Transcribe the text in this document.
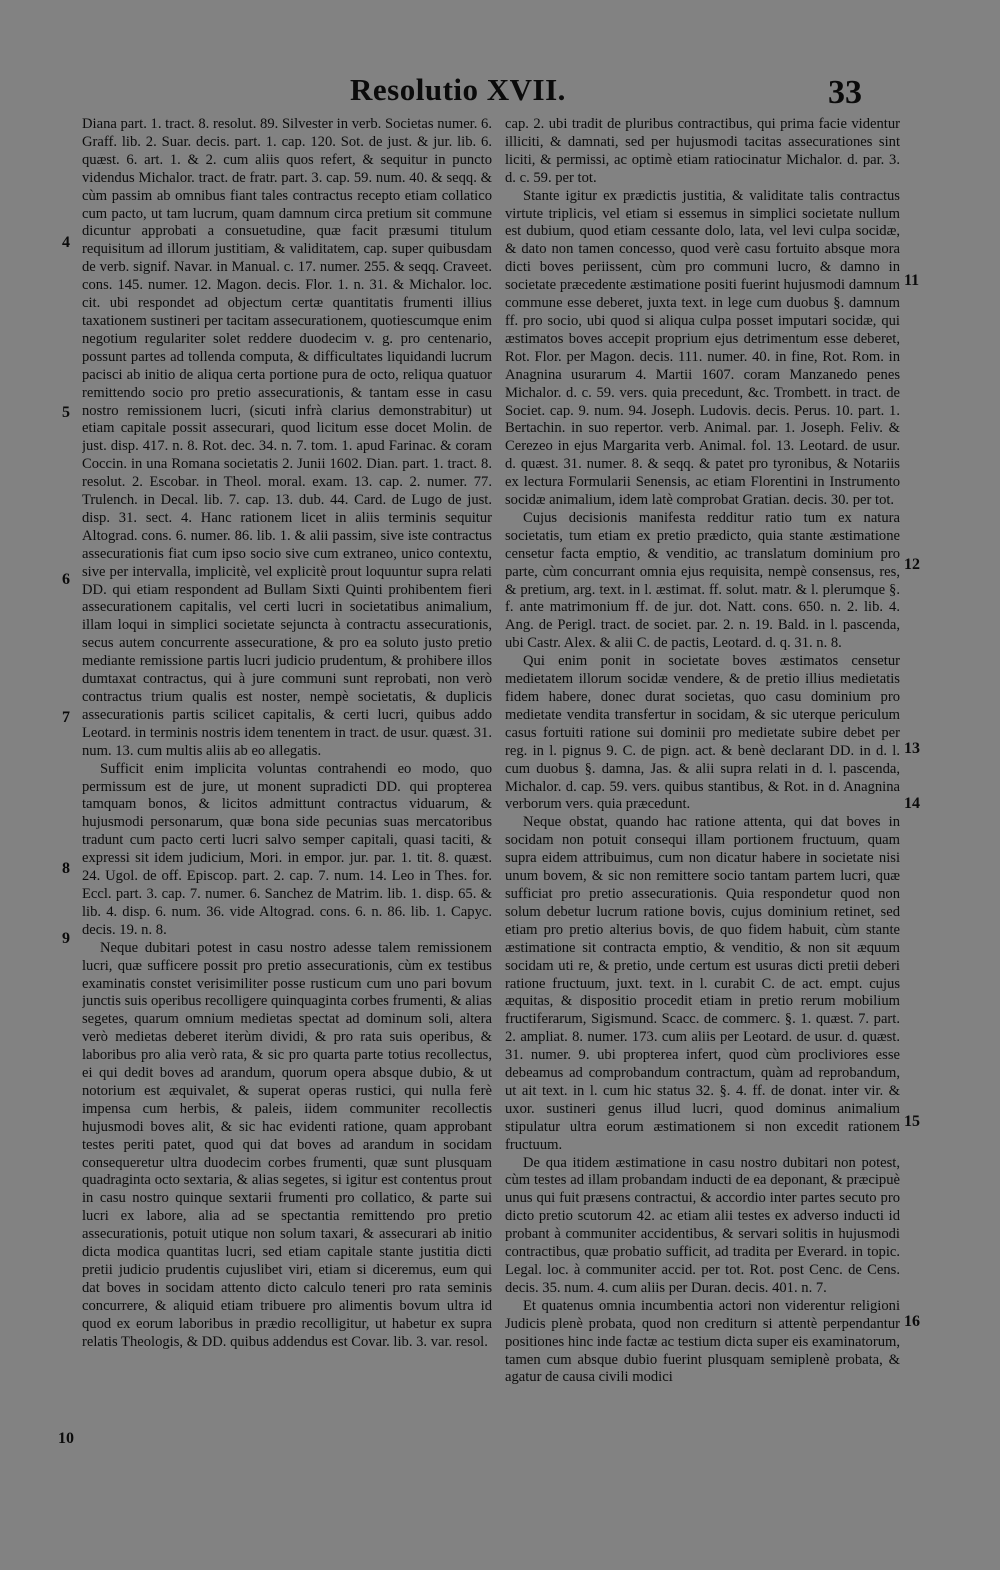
Resolutio XVII.	33

Diana part. 1. tract. 8. resolut. 89. Silvester in verb. Societas numer. 6. Graff. lib. 2. Suar. decis. part. 1. cap. 120. Sot. de just. & jur. lib. 6. quæst. 6. art. 1. & 2. cum aliis quos refert, & sequitur in puncto videndus Michalor. tract. de fratr. part. 3. cap. 59. num. 40. & seqq. & cùm passim ab omnibus fiant tales contractus recepto etiam collatico cum pacto, ut tam lucrum, quam damnum circa pretium sit commune dicuntur approbati a consuetudine, quæ facit præsumi titulum requisitum ad illorum justitiam, & validitatem, cap. super quibusdam de verb. signif. Navar. in Manual. c. 17. numer. 255. & seqq. Craveet. cons. 145. numer. 12. Magon. decis. Flor. 1. n. 31. & Michalor. loc. cit. ubi respondet ad objectum certæ quantitatis frumenti illius taxationem sustineri per tacitam assecurationem, quotiescumque enim negotium regulariter solet reddere duodecim v. g. pro centenario, possunt partes ad tollenda computa, & difficultates liquidandi lucrum pacisci ab initio de aliqua certa portione pura de octo, reliqua quatuor remittendo socio pro pretio assecurationis, & tantam esse in casu nostro remissionem lucri, (sicuti infrà clarius demonstrabitur) ut etiam capitale possit assecurari, quod licitum esse docet Molin. de just. disp. 417. n. 8. Rot. dec. 34. n. 7. tom. 1. apud Farinac. & coram Coccin. in una Romana societatis 2. Junii 1602. Dian. part. 1. tract. 8. resolut. 2. Escobar. in Theol. moral. exam. 13. cap. 2. numer. 77. Trulench. in Decal. lib. 7. cap. 13. dub. 44. Card. de Lugo de just. disp. 31. sect. 4. Hanc rationem licet in aliis terminis sequitur Altograd. cons. 6. numer. 86. lib. 1. & alii passim, sive iste contractus assecurationis fiat cum ipso socio sive cum extraneo, unico contextu, sive per intervalla, implicitè, vel explicitè prout loquuntur supra relati DD. qui etiam respondent ad Bullam Sixti Quinti prohibentem fieri assecurationem capitalis, vel certi lucri in societatibus animalium, illam loqui in simplici societate sejuncta à contractu assecurationis, secus autem concurrente assecuratione, & pro ea soluto justo pretio mediante remissione partis lucri judicio prudentum, & prohibere illos dumtaxat contractus, qui à jure communi sunt reprobati, non verò contractus trium qualis est noster, nempè societatis, & duplicis assecurationis partis scilicet capitalis, & certi lucri, quibus addo Leotard. in terminis nostris idem tenentem in tract. de usur. quæst. 31. num. 13. cum multis aliis ab eo allegatis.

Sufficit enim implicita voluntas contrahendi eo modo, quo permissum est de jure, ut monent supradicti DD. qui propterea tamquam bonos, & licitos admittunt contractus viduarum, & hujusmodi personarum, quæ bona side pecunias suas mercatoribus tradunt cum pacto certi lucri salvo semper capitali, quasi taciti, & expressi sit idem judicium, Mori. in empor. jur. par. 1. tit. 8. quæst. 24. Ugol. de off. Episcop. part. 2. cap. 7. num. 14. Leo in Thes. for. Eccl. part. 3. cap. 7. numer. 6. Sanchez de Matrim. lib. 1. disp. 65. & lib. 4. disp. 6. num. 36. vide Altograd. cons. 6. n. 86. lib. 1. Capyc. decis. 19. n. 8.

Neque dubitari potest in casu nostro adesse talem remissionem lucri, quæ sufficere possit pro pretio assecurationis, cùm ex testibus examinatis constet verisimiliter posse rusticum cum uno pari bovum junctis suis operibus recolligere quinquaginta corbes frumenti, & alias segetes, quarum omnium medietas spectat ad dominum soli, altera verò medietas deberet iterùm dividi, & pro rata suis operibus, & laboribus pro alia verò rata, & sic pro quarta parte totius recollectus, ei qui dedit boves ad arandum, quorum opera absque dubio, & ut notorium est æquivalet, & superat operas rustici, qui nulla ferè impensa cum herbis, & paleis, iidem communiter recollectis hujusmodi boves alit, & sic hac evidenti ratione, quam approbant testes periti patet, quod qui dat boves ad arandum in socidam consequeretur ultra duodecim corbes frumenti, quæ sunt plusquam quadraginta octo sextaria, & alias segetes, si igitur est contentus prout in casu nostro quinque sextarii frumenti pro collatico, & parte sui lucri ex labore, alia ad se spectantia remittendo pro pretio assecurationis, potuit utique non solum taxari, & assecurari ab initio dicta modica quantitas lucri, sed etiam capitale stante justitia dicti pretii judicio prudentis cujuslibet viri, etiam si diceremus, eum qui dat boves in socidam attento dicto calculo teneri pro rata seminis concurrere, & aliquid etiam tribuere pro alimentis bovum ultra id quod ex eorum laboribus in prædio recolligitur, ut habetur ex supra relatis Theologis, & DD. quibus addendus est Covar. lib. 3. var. resol.

cap. 2. ubi tradit de pluribus contractibus, qui prima facie videntur illiciti, & damnati, sed per hujusmodi tacitas assecurationes sint liciti, & permissi, ac optimè etiam ratiocinatur Michalor. d. par. 3. d. c. 59. per tot.

Stante igitur ex prædictis justitia, & validitate talis contractus virtute triplicis, vel etiam si essemus in simplici societate nullum est dubium, quod etiam cessante dolo, lata, vel levi culpa socidæ, & dato non tamen concesso, quod verè casu fortuito absque mora dicti boves periissent, cùm pro communi lucro, & damno in societate præcedente æstimatione positi fuerint hujusmodi damnum commune esse deberet, juxta text. in lege cum duobus §. damnum ff. pro socio, ubi quod si aliqua culpa posset imputari socidæ, qui æstimatos boves accepit proprium ejus detrimentum esse deberet, Rot. Flor. per Magon. decis. 111. numer. 40. in fine, Rot. Rom. in Anagnina usurarum 4. Martii 1607. coram Manzanedo penes Michalor. d. c. 59. vers. quia precedunt, &c. Trombett. in tract. de Societ. cap. 9. num. 94. Joseph. Ludovis. decis. Perus. 10. part. 1. Bertachin. in suo repertor. verb. Animal. par. 1. Joseph. Feliv. & Cerezeo in ejus Margarita verb. Animal. fol. 13. Leotard. de usur. d. quæst. 31. numer. 8. & seqq. & patet pro tyronibus, & Notariis ex lectura Formularii Senensis, ac etiam Florentini in Instrumento socidæ animalium, idem latè comprobat Gratian. decis. 30. per tot.

Cujus decisionis manifesta redditur ratio tum ex natura societatis, tum etiam ex pretio prædicto, quia stante æstimatione censetur facta emptio, & venditio, ac translatum dominium pro parte, cùm concurrant omnia ejus requisita, nempè consensus, res, & pretium, arg. text. in l. æstimat. ff. solut. matr. & l. plerumque §. f. ante matrimonium ff. de jur. dot. Natt. cons. 650. n. 2. lib. 4. Ang. de Perigl. tract. de societ. par. 2. n. 19. Bald. in l. pascenda, ubi Castr. Alex. & alii C. de pactis, Leotard. d. q. 31. n. 8.

Qui enim ponit in societate boves æstimatos censetur medietatem illorum socidæ vendere, & de pretio illius medietatis fidem habere, donec durat societas, quo casu dominium pro medietate vendita transfertur in socidam, & sic uterque periculum casus fortuiti ratione sui dominii pro medietate subire debet per reg. in l. pignus 9. C. de pign. act. & benè declarant DD. in d. l. cum duobus §. damna, Jas. & alii supra relati in d. l. pascenda, Michalor. d. cap. 59. vers. quibus stantibus, & Rot. in d. Anagnina verborum vers. quia præcedunt.

Neque obstat, quando hac ratione attenta, qui dat boves in socidam non potuit consequi illam portionem fructuum, quam supra eidem attribuimus, cum non dicatur habere in societate nisi unum bovem, & sic non remittere socio tantam partem lucri, quæ sufficiat pro pretio assecurationis. Quia respondetur quod non solum debetur lucrum ratione bovis, cujus dominium retinet, sed etiam pro pretio alterius bovis, de quo fidem habuit, cùm stante æstimatione sit contracta emptio, & venditio, & non sit æquum socidam uti re, & pretio, unde certum est usuras dicti pretii deberi ratione fructuum, juxt. text. in l. curabit C. de act. empt. cujus æquitas, & dispositio procedit etiam in pretio rerum mobilium fructiferarum, Sigismund. Scacc. de commerc. §. 1. quæst. 7. part. 2. ampliat. 8. numer. 173. cum aliis per Leotard. de usur. d. quæst. 31. numer. 9. ubi propterea infert, quod cùm procliviores esse debeamus ad comprobandum contractum, quàm ad reprobandum, ut ait text. in l. cum hic status 32. §. 4. ff. de donat. inter vir. & uxor. sustineri genus illud lucri, quod dominus animalium stipulatur ultra eorum æstimationem si non excedit rationem fructuum.

De qua itidem æstimatione in casu nostro dubitari non potest, cùm testes ad illam probandam inducti de ea deponant, & præcipuè unus qui fuit præsens contractui, & accordio inter partes secuto pro dicto pretio scutorum 42. ac etiam alii testes ex adverso inducti id probant à communiter accidentibus, & servari solitis in hujusmodi contractibus, quæ probatio sufficit, ad tradita per Everard. in topic. Legal. loc. à communiter accid. per tot. Rot. post Cenc. de Cens. decis. 35. num. 4. cum aliis per Duran. decis. 401. n. 7.

Et quatenus omnia incumbentia actori non viderentur religioni Judicis plenè probata, quod non crediturn si attentè perpendantur positiones hinc inde factæ ac testium dicta super eis examinatorum, tamen cum absque dubio fuerint plusquam semiplenè probata, & agatur de causa civili modici

4
5
6
7
8
9
10
11
12
13
14
15
16
